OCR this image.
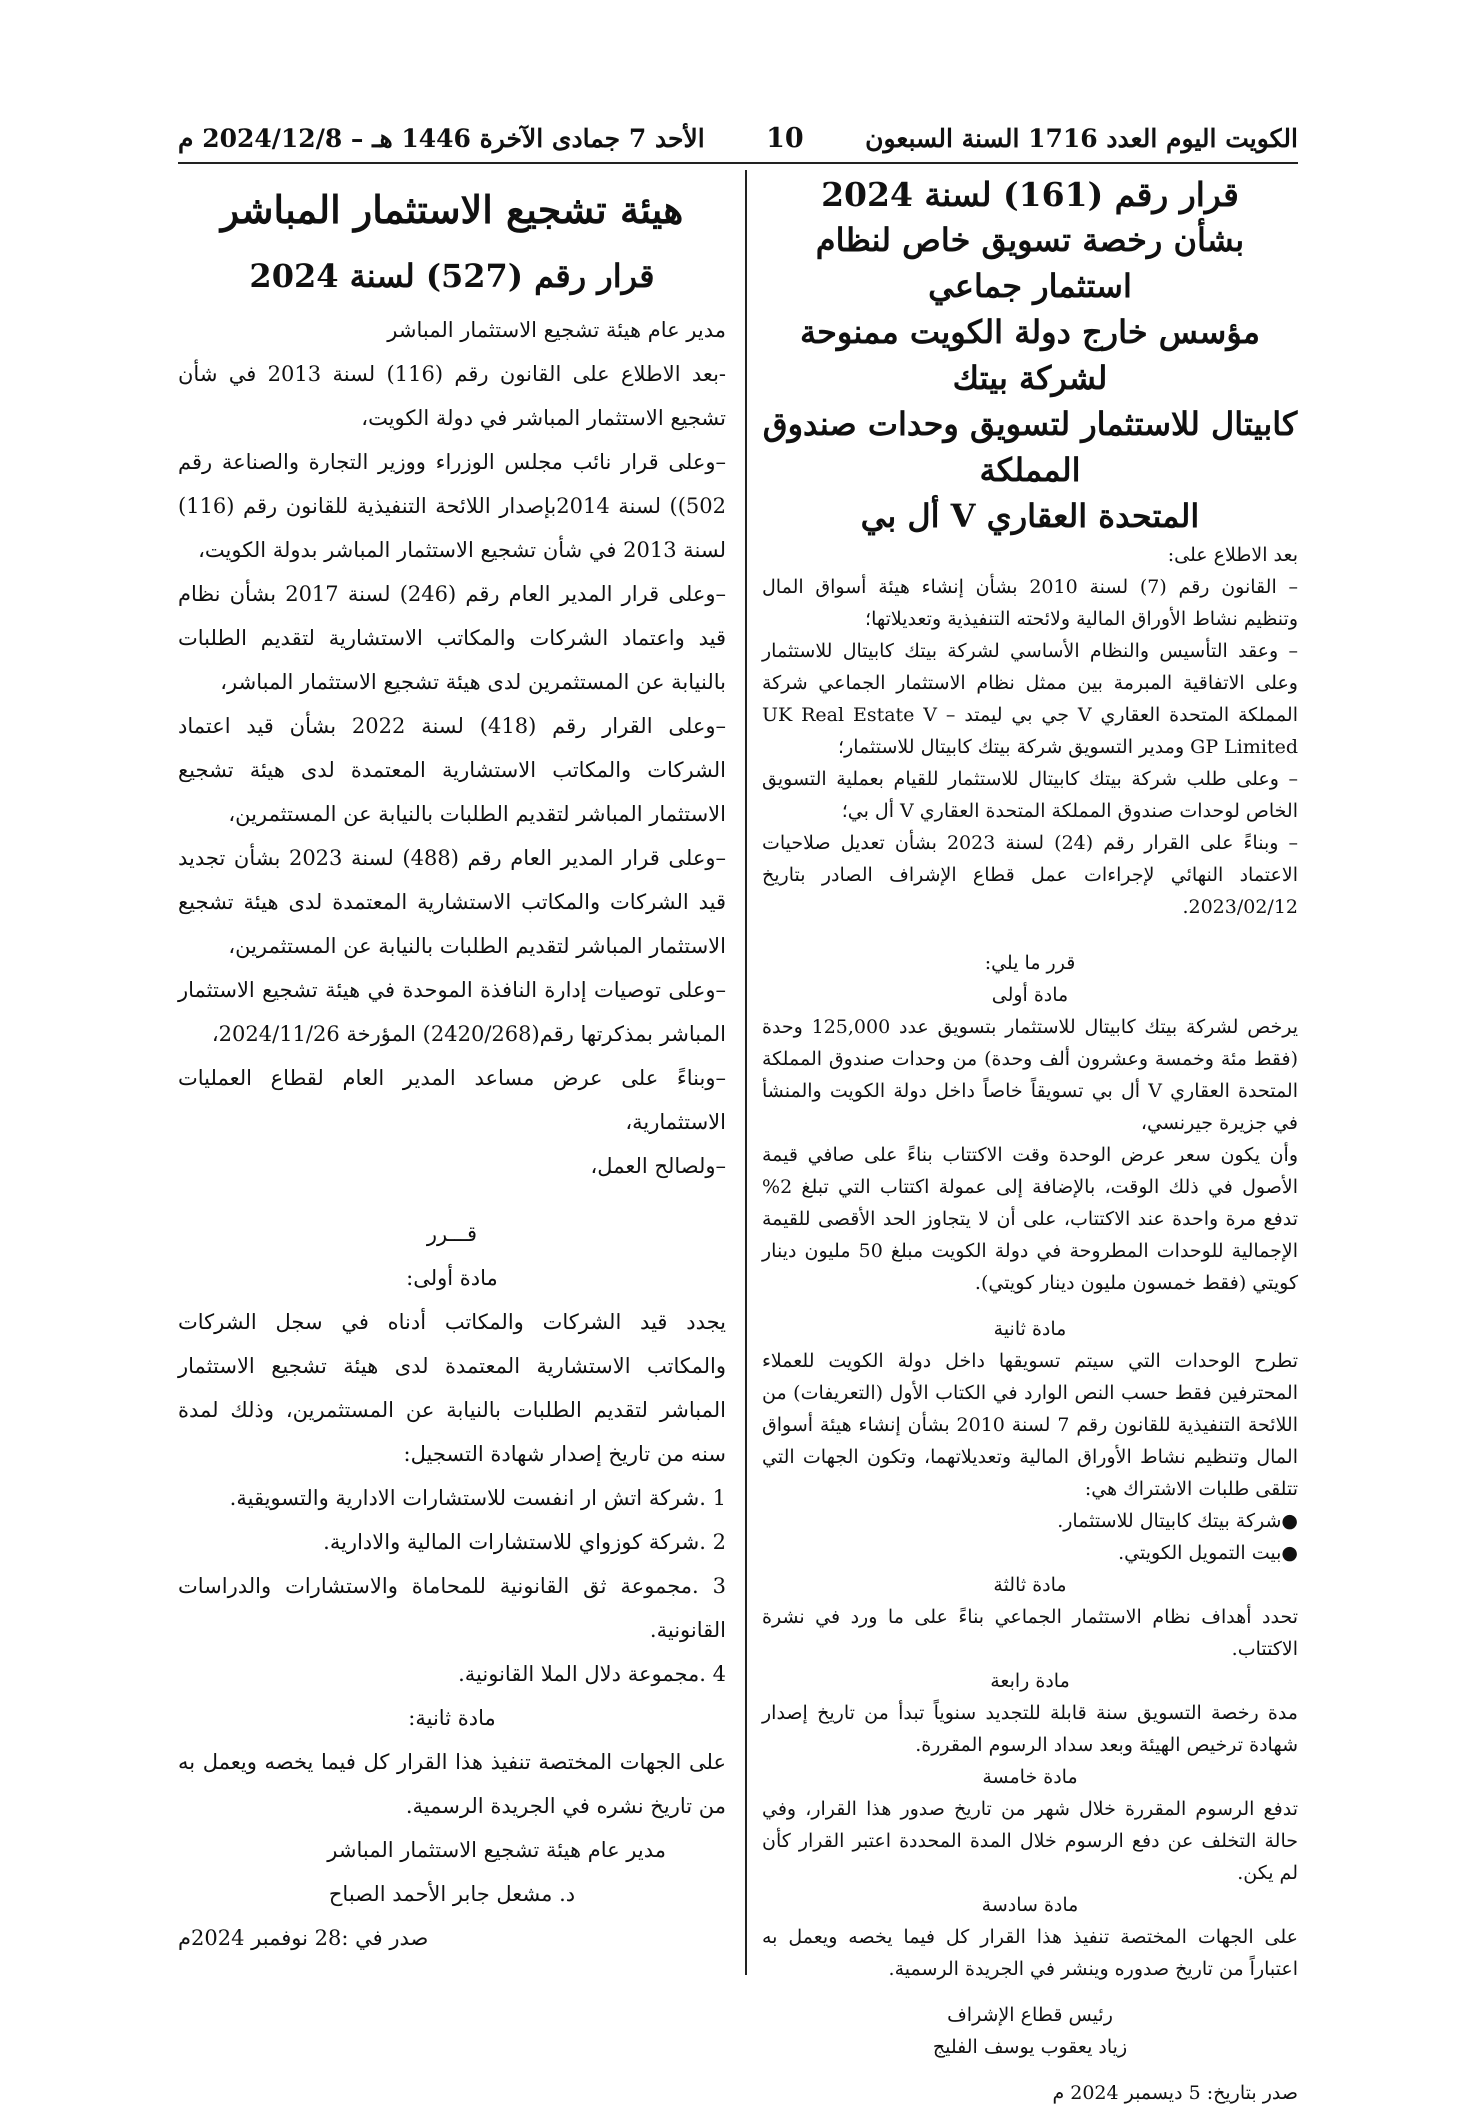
الأحد 7 جمادى الآخرة 1446 هـ – 2024/12/8 م 10 الكويت اليوم العدد 1716 السنة السبعون

قرار رقم (161) لسنة 2024

بشأن رخصة تسويق خاص لنظام استثمار جماعي

مؤسس خارج دولة الكويت ممنوحة لشركة بيتك

كابيتال للاستثمار لتسويق وحدات صندوق المملكة

المتحدة العقاري V أل بي

بعد الاطلاع على:

– القانون رقم (7) لسنة 2010 بشأن إنشاء هيئة أسواق المال وتنظيم نشاط الأوراق المالية ولائحته التنفيذية وتعديلاتها؛

– وعقد التأسيس والنظام الأساسي لشركة بيتك كابيتال للاستثمار وعلى الاتفاقية المبرمة بين ممثل نظام الاستثمار الجماعي شركة المملكة المتحدة العقاري V جي بي ليمتد – UK Real Estate V GP Limited ومدير التسويق شركة بيتك كابيتال للاستثمار؛

– وعلى طلب شركة بيتك كابيتال للاستثمار للقيام بعملية التسويق الخاص لوحدات صندوق المملكة المتحدة العقاري V أل بي؛

– وبناءً على القرار رقم (24) لسنة 2023 بشأن تعديل صلاحيات الاعتماد النهائي لإجراءات عمل قطاع الإشراف الصادر بتاريخ 2023/02/12.

قرر ما يلي:

مادة أولى

يرخص لشركة بيتك كابيتال للاستثمار بتسويق عدد 125,000 وحدة (فقط مئة وخمسة وعشرون ألف وحدة) من وحدات صندوق المملكة المتحدة العقاري V أل بي تسويقاً خاصاً داخل دولة الكويت والمنشأ في جزيرة جيرنسي،

وأن يكون سعر عرض الوحدة وقت الاكتتاب بناءً على صافي قيمة الأصول في ذلك الوقت، بالإضافة إلى عمولة اكتتاب التي تبلغ 2% تدفع مرة واحدة عند الاكتتاب، على أن لا يتجاوز الحد الأقصى للقيمة الإجمالية للوحدات المطروحة في دولة الكويت مبلغ 50 مليون دينار كويتي (فقط خمسون مليون دينار كويتي).

مادة ثانية

تطرح الوحدات التي سيتم تسويقها داخل دولة الكويت للعملاء المحترفين فقط حسب النص الوارد في الكتاب الأول (التعريفات) من اللائحة التنفيذية للقانون رقم 7 لسنة 2010 بشأن إنشاء هيئة أسواق المال وتنظيم نشاط الأوراق المالية وتعديلاتهما، وتكون الجهات التي تتلقى طلبات الاشتراك هي:

●شركة بيتك كابيتال للاستثمار.

●بيت التمويل الكويتي.

مادة ثالثة

تحدد أهداف نظام الاستثمار الجماعي بناءً على ما ورد في نشرة الاكتتاب.

مادة رابعة

مدة رخصة التسويق سنة قابلة للتجديد سنوياً تبدأ من تاريخ إصدار شهادة ترخيص الهيئة وبعد سداد الرسوم المقررة.

مادة خامسة

تدفع الرسوم المقررة خلال شهر من تاريخ صدور هذا القرار، وفي حالة التخلف عن دفع الرسوم خلال المدة المحددة اعتبر القرار كأن لم يكن.

مادة سادسة

على الجهات المختصة تنفيذ هذا القرار كل فيما يخصه ويعمل به اعتباراً من تاريخ صدوره وينشر في الجريدة الرسمية.

رئيس قطاع الإشراف

زياد يعقوب يوسف الفليج

صدر بتاريخ: 5 ديسمبر 2024 م

هيئة تشجيع الاستثمار المباشر

قرار رقم (527) لسنة 2024

مدير عام هيئة تشجيع الاستثمار المباشر

-بعد الاطلاع على القانون رقم (116) لسنة 2013 في شأن تشجيع الاستثمار المباشر في دولة الكويت،

–وعلى قرار نائب مجلس الوزراء ووزير التجارة والصناعة رقم 502)) لسنة 2014بإصدار اللائحة التنفيذية للقانون رقم (116) لسنة 2013 في شأن تشجيع الاستثمار المباشر بدولة الكويت،

–وعلى قرار المدير العام رقم (246) لسنة 2017 بشأن نظام قيد واعتماد الشركات والمكاتب الاستشارية لتقديم الطلبات بالنيابة عن المستثمرين لدى هيئة تشجيع الاستثمار المباشر،

–وعلى القرار رقم (418) لسنة 2022 بشأن قيد اعتماد الشركات والمكاتب الاستشارية المعتمدة لدى هيئة تشجيع الاستثمار المباشر لتقديم الطلبات بالنيابة عن المستثمرين،

–وعلى قرار المدير العام رقم (488) لسنة 2023 بشأن تجديد قيد الشركات والمكاتب الاستشارية المعتمدة لدى هيئة تشجيع الاستثمار المباشر لتقديم الطلبات بالنيابة عن المستثمرين،

–وعلى توصيات إدارة النافذة الموحدة في هيئة تشجيع الاستثمار المباشر بمذكرتها رقم(2420/268) المؤرخة 2024/11/26،

–وبناءً على عرض مساعد المدير العام لقطاع العمليات الاستثمارية،

–ولصالح العمل،

قـــرر

مادة أولى:

يجدد قيد الشركات والمكاتب أدناه في سجل الشركات والمكاتب الاستشارية المعتمدة لدى هيئة تشجيع الاستثمار المباشر لتقديم الطلبات بالنيابة عن المستثمرين، وذلك لمدة سنه من تاريخ إصدار شهادة التسجيل:

1 .شركة اتش ار انفست للاستشارات الادارية والتسويقية.

2 .شركة كوزواي للاستشارات المالية والادارية.

3 .مجموعة ثق القانونية للمحاماة والاستشارات والدراسات القانونية.

4 .مجموعة دلال الملا القانونية.

مادة ثانية:

على الجهات المختصة تنفيذ هذا القرار كل فيما يخصه ويعمل به من تاريخ نشره في الجريدة الرسمية.

مدير عام هيئة تشجيع الاستثمار المباشر

د. مشعل جابر الأحمد الصباح

صدر في :28 نوفمبر 2024م
